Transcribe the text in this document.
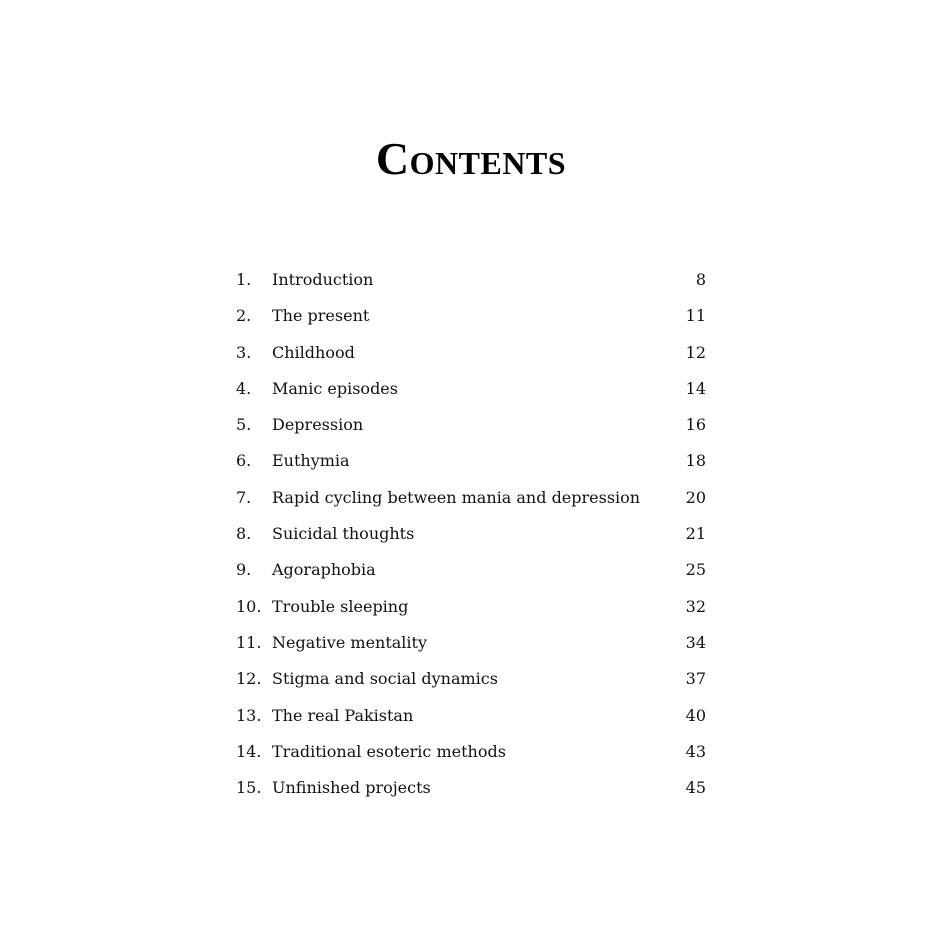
Contents
1.	Introduction	8
2.	The present	11
3.	Childhood	12
4.	Manic episodes	14
5.	Depression	16
6.	Euthymia	18
7.	Rapid cycling between mania and depression	20
8.	Suicidal thoughts	21
9.	Agoraphobia	25
10. Trouble sleeping	32
11. Negative mentality	34
12. Stigma and social dynamics	37
13. The real Pakistan	40
14. Traditional esoteric methods	43
15. Unfinished projects	45
